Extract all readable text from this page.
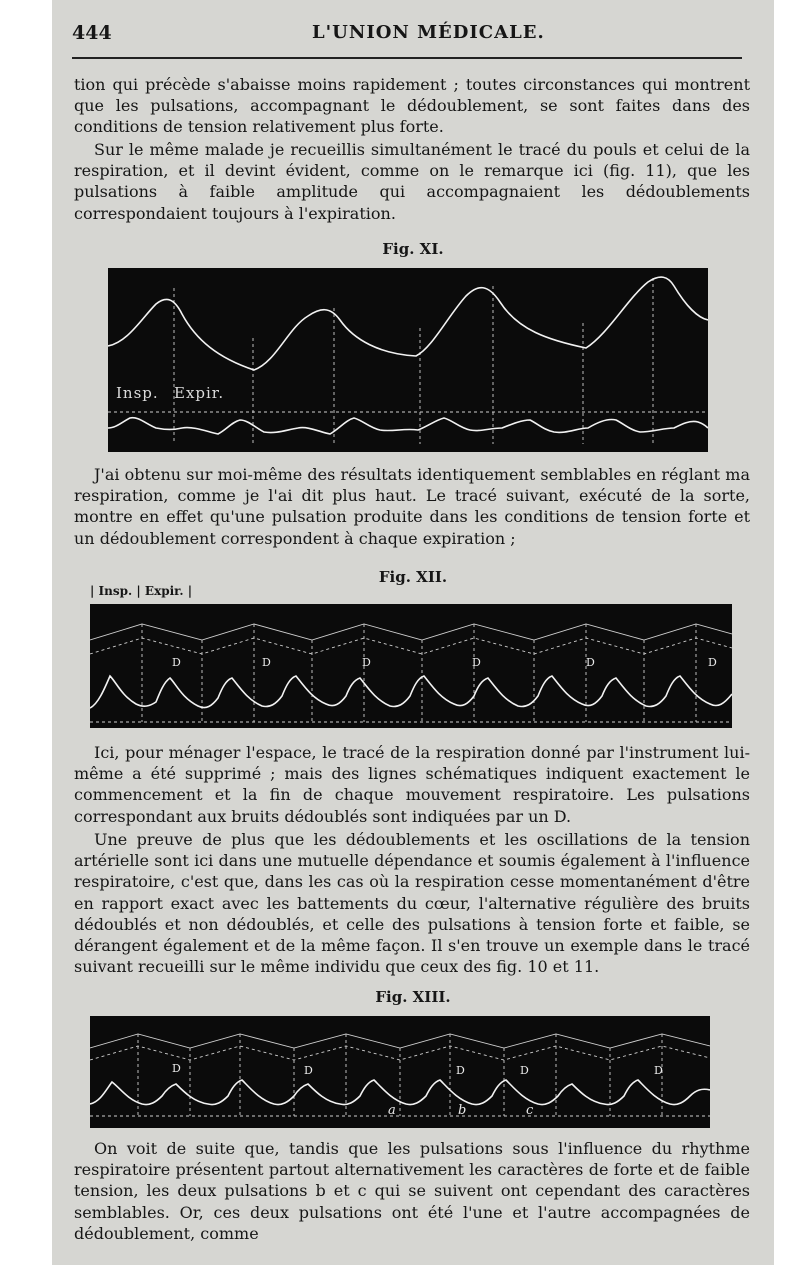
444	L'UNION MÉDICALE.
tion qui précède s'abaisse moins rapidement ; toutes circonstances qui montrent que les pulsations, accompagnant le dédoublement, se sont faites dans des conditions de tension relativement plus forte.
Sur le même malade je recueillis simultanément le tracé du pouls et celui de la respiration, et il devint évident, comme on le remarque ici (fig. 11), que les pulsations à faible amplitude qui accompagnaient les dédoublements correspondaient toujours à l'expiration.
Fig. XI.
Insp. Expir.
J'ai obtenu sur moi-même des résultats identiquement semblables en réglant ma respiration, comme je l'ai dit plus haut. Le tracé suivant, exécuté de la sorte, montre en effet qu'une pulsation produite dans les conditions de tension forte et un dédoublement correspondent à chaque expiration ;
Fig. XII.
| Insp. | Expir. |
D	D	D	D	D	D
Ici, pour ménager l'espace, le tracé de la respiration donné par l'instrument lui-même a été supprimé ; mais des lignes schématiques indiquent exactement le commencement et la fin de chaque mouvement respiratoire. Les pulsations correspondant aux bruits dédoublés sont indiquées par un D.
Une preuve de plus que les dédoublements et les oscillations de la tension artérielle sont ici dans une mutuelle dépendance et soumis également à l'influence respiratoire, c'est que, dans les cas où la respiration cesse momentanément d'être en rapport exact avec les battements du cœur, l'alternative régulière des bruits dédoublés et non dédoublés, et celle des pulsations à tension forte et faible, se dérangent également et de la même façon. Il s'en trouve un exemple dans le tracé suivant recueilli sur le même individu que ceux des fig. 10 et 11.
Fig. XIII.
D	D	D	D	D
a	b	c
On voit de suite que, tandis que les pulsations sous l'influence du rhythme respiratoire présentent partout alternativement les caractères de forte et de faible tension, les deux pulsations b et c qui se suivent ont cependant des caractères semblables. Or, ces deux pulsations ont été l'une et l'autre accompagnées de dédoublement, comme
